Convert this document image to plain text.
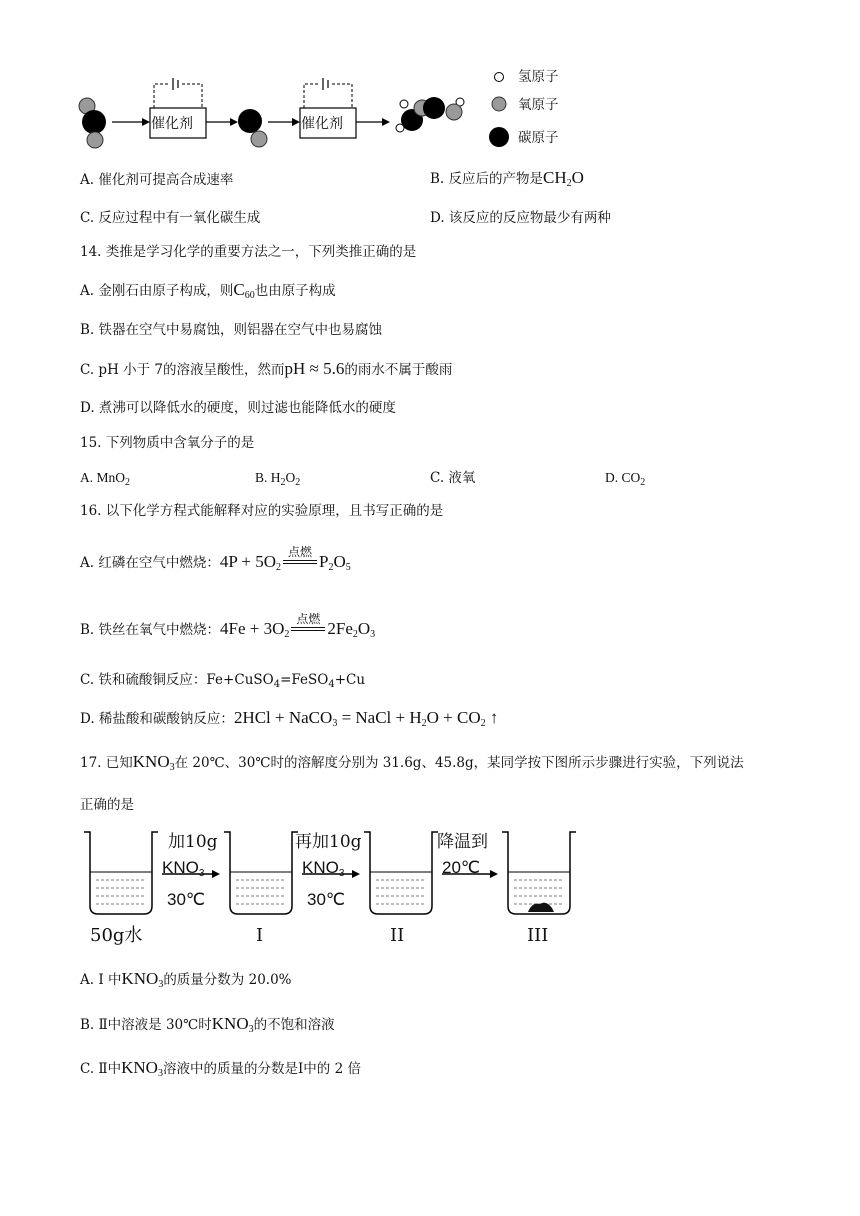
催化剂	催化剂
氢原子
氧原子
碳原子
A. 催化剂可提高合成速率	B. 反应后的产物是$CH_2O$
C. 反应过程中有一氧化碳生成	D. 该反应的反应物最少有两种
14. 类推是学习化学的重要方法之一，下列类推正确的是
A. 金刚石由原子构成，则$C_{60}$也由原子构成
B. 铁器在空气中易腐蚀，则铝器在空气中也易腐蚀
C. pH 小于 7的溶液呈酸性，然而pH ≈ 5.6的雨水不属于酸雨
D. 煮沸可以降低水的硬度，则过滤也能降低水的硬度
15. 下列物质中含氧分子的是
A. MnO$_2$	B. $H_2O_2$	C. 液氧	D. $CO_2$
16. 以下化学方程式能解释对应的实验原理，且书写正确的是
A. 红磷在空气中燃烧：$4P + 5O_2$
点燃
$P_2O_5$
B. 铁丝在氧气中燃烧：$4Fe + 3O_2$
点燃
$2Fe_2O_3$
C. 铁和硫酸铜反应：Fe+CuSO$_4$=FeSO$_4$+Cu
D. 稀盐酸和碳酸钠反应：2HCl + NaCO$_3$ = NaCl + $H_2O + CO_2$ ↑
17. 已知$KNO_3$在 20℃、30℃时的溶解度分别为 31.6g、45.8g，某同学按下图所示步骤进行实验，下列说法
正确的是
加10g
$KNO_3$
30℃
再加10g
$KNO_3$
30℃
降温到
20℃
50g水	I	II	III
A. I 中$KNO_3$的质量分数为 20.0%
B. Ⅱ中溶液是 30℃时$KNO_3$的不饱和溶液
C. Ⅱ中$KNO_3$溶液中的质量的分数是Ⅰ中的 2 倍
